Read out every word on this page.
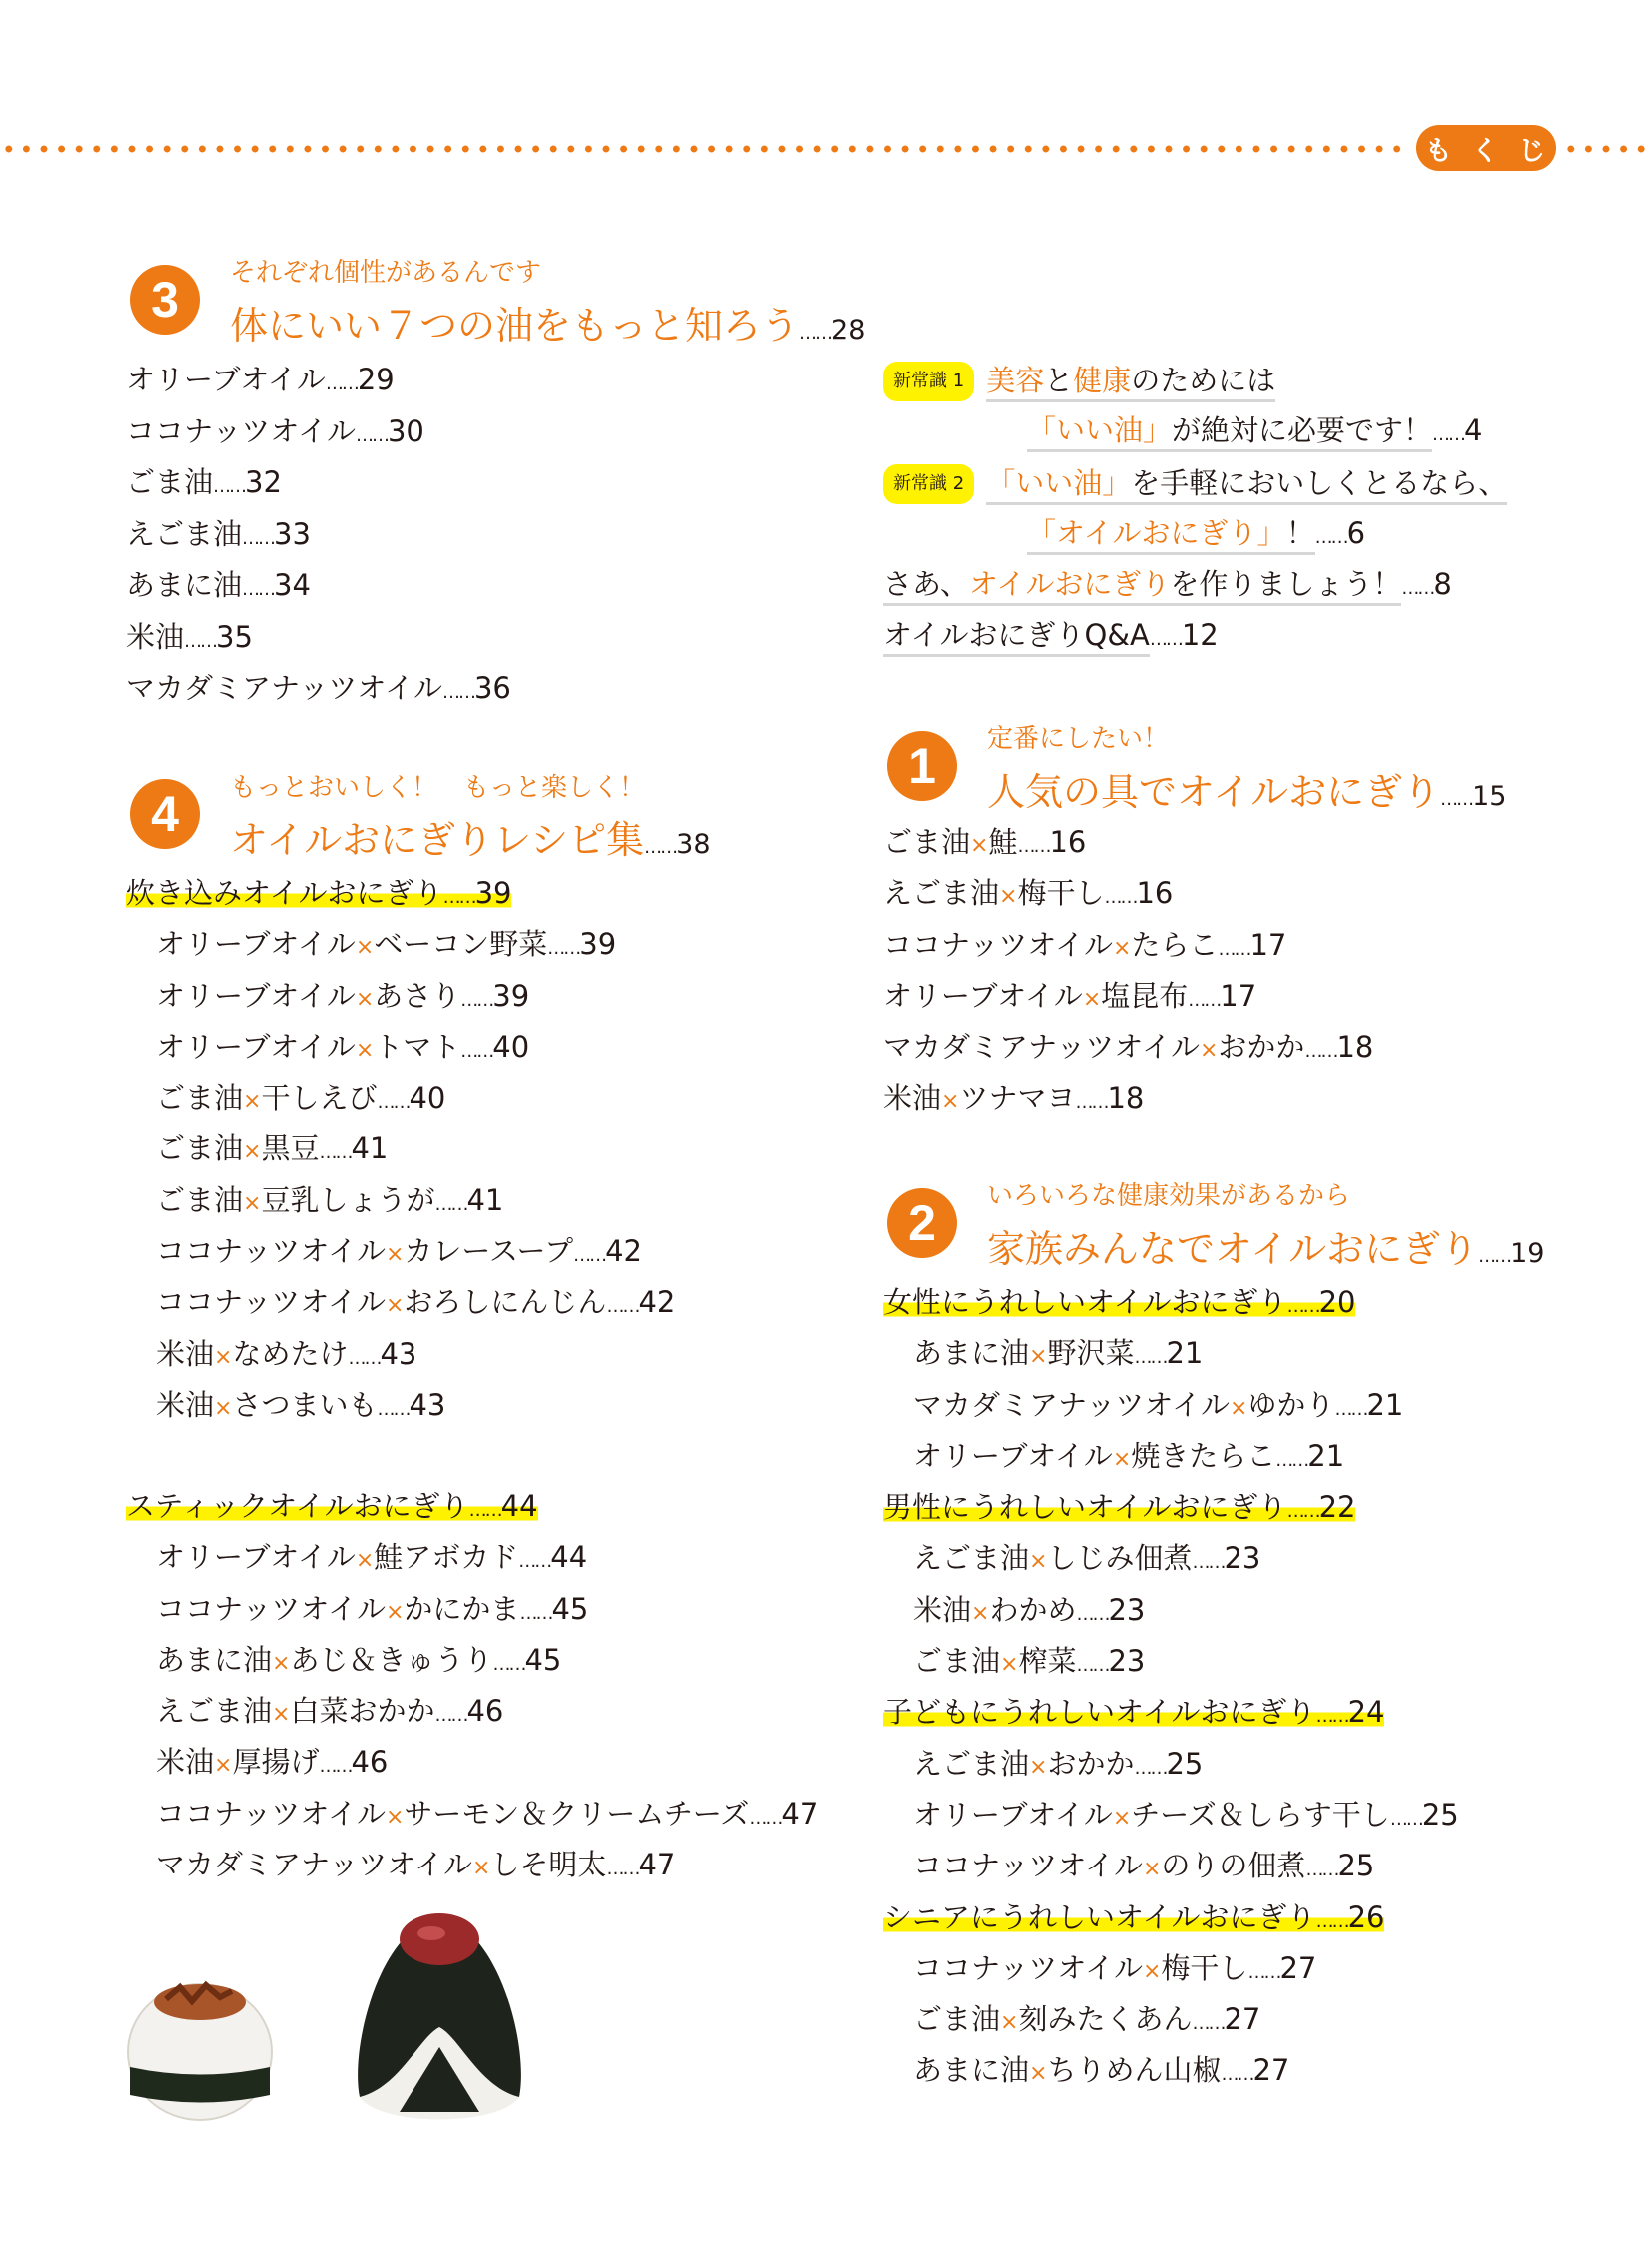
も く じ
3	それぞれ個性があるんです
体にいい７つの油をもっと知ろう……28
オリーブオイル……29
ココナッツオイル……30
ごま油……32
えごま油……33
あまに油……34
米油……35
マカダミアナッツオイル……36
4	もっとおいしく！　もっと楽しく！
オイルおにぎりレシピ集……38
炊き込みオイルおにぎり……39
オリーブオイル×ベーコン野菜……39
オリーブオイル×あさり……39
オリーブオイル×トマト……40
ごま油×干しえび……40
ごま油×黒豆……41
ごま油×豆乳しょうが……41
ココナッツオイル×カレースープ……42
ココナッツオイル×おろしにんじん……42
米油×なめたけ……43
米油×さつまいも……43
スティックオイルおにぎり……44
オリーブオイル×鮭アボカド……44
ココナッツオイル×かにかま……45
あまに油×あじ＆きゅうり……45
えごま油×白菜おかか……46
米油×厚揚げ……46
ココナッツオイル×サーモン＆クリームチーズ……47
マカダミアナッツオイル×しそ明太……47
新常識 1 美容と健康のためには
「いい油」が絶対に必要です！……4
新常識 2 「いい油」を手軽においしくとるなら、
「オイルおにぎり」！……6
さあ、オイルおにぎりを作りましょう！……8
オイルおにぎりQ&A……12
1	定番にしたい！
人気の具でオイルおにぎり……15
ごま油×鮭……16
えごま油×梅干し……16
ココナッツオイル×たらこ……17
オリーブオイル×塩昆布……17
マカダミアナッツオイル×おかか……18
米油×ツナマヨ……18
2	いろいろな健康効果があるから
家族みんなでオイルおにぎり……19
女性にうれしいオイルおにぎり……20
あまに油×野沢菜……21
マカダミアナッツオイル×ゆかり……21
オリーブオイル×焼きたらこ……21
男性にうれしいオイルおにぎり……22
えごま油×しじみ佃煮……23
米油×わかめ……23
ごま油×榨菜……23
子どもにうれしいオイルおにぎり……24
えごま油×おかか……25
オリーブオイル×チーズ＆しらす干し……25
ココナッツオイル×のりの佃煮……25
シニアにうれしいオイルおにぎり……26
ココナッツオイル×梅干し……27
ごま油×刻みたくあん……27
あまに油×ちりめん山椒……27
